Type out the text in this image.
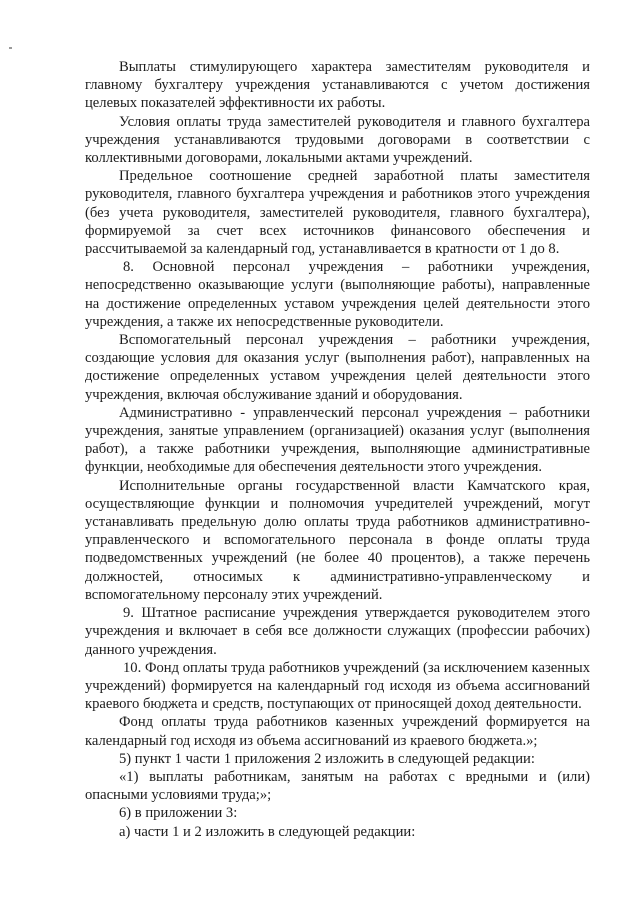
Выплаты стимулирующего характера заместителям руководителя и главному бухгалтеру учреждения устанавливаются с учетом достижения целевых показателей эффективности их работы.

Условия оплаты труда заместителей руководителя и главного бухгалтера учреждения устанавливаются трудовыми договорами в соответствии с коллективными договорами, локальными актами учреждений.

Предельное соотношение средней заработной платы заместителя руководителя, главного бухгалтера учреждения и работников этого учреждения (без учета руководителя, заместителей руководителя, главного бухгалтера), формируемой за счет всех источников финансового обеспечения и рассчитываемой за календарный год, устанавливается в кратности от 1 до 8.

8. Основной персонал учреждения – работники учреждения, непосредственно оказывающие услуги (выполняющие работы), направленные на достижение определенных уставом учреждения целей деятельности этого учреждения, а также их непосредственные руководители.

Вспомогательный персонал учреждения – работники учреждения, создающие условия для оказания услуг (выполнения работ), направленных на достижение определенных уставом учреждения целей деятельности этого учреждения, включая обслуживание зданий и оборудования.

Административно - управленческий персонал учреждения – работники учреждения, занятые управлением (организацией) оказания услуг (выполнения работ), а также работники учреждения, выполняющие административные функции, необходимые для обеспечения деятельности этого учреждения.

Исполнительные органы государственной власти Камчатского края, осуществляющие функции и полномочия учредителей учреждений, могут устанавливать предельную долю оплаты труда работников административно-управленческого и вспомогательного персонала в фонде оплаты труда подведомственных учреждений (не более 40 процентов), а также перечень должностей, относимых к административно-управленческому и вспомогательному персоналу этих учреждений.

9. Штатное расписание учреждения утверждается руководителем этого учреждения и включает в себя все должности служащих (профессии рабочих) данного учреждения.

10. Фонд оплаты труда работников учреждений (за исключением казенных учреждений) формируется на календарный год исходя из объема ассигнований краевого бюджета и средств, поступающих от приносящей доход деятельности.

Фонд оплаты труда работников казенных учреждений формируется на календарный год исходя из объема ассигнований из краевого бюджета.»;

5) пункт 1 части 1 приложения 2 изложить в следующей редакции:

«1) выплаты работникам, занятым на работах с вредными и (или) опасными условиями труда;»;

6) в приложении 3:

а) части 1 и 2 изложить в следующей редакции:
